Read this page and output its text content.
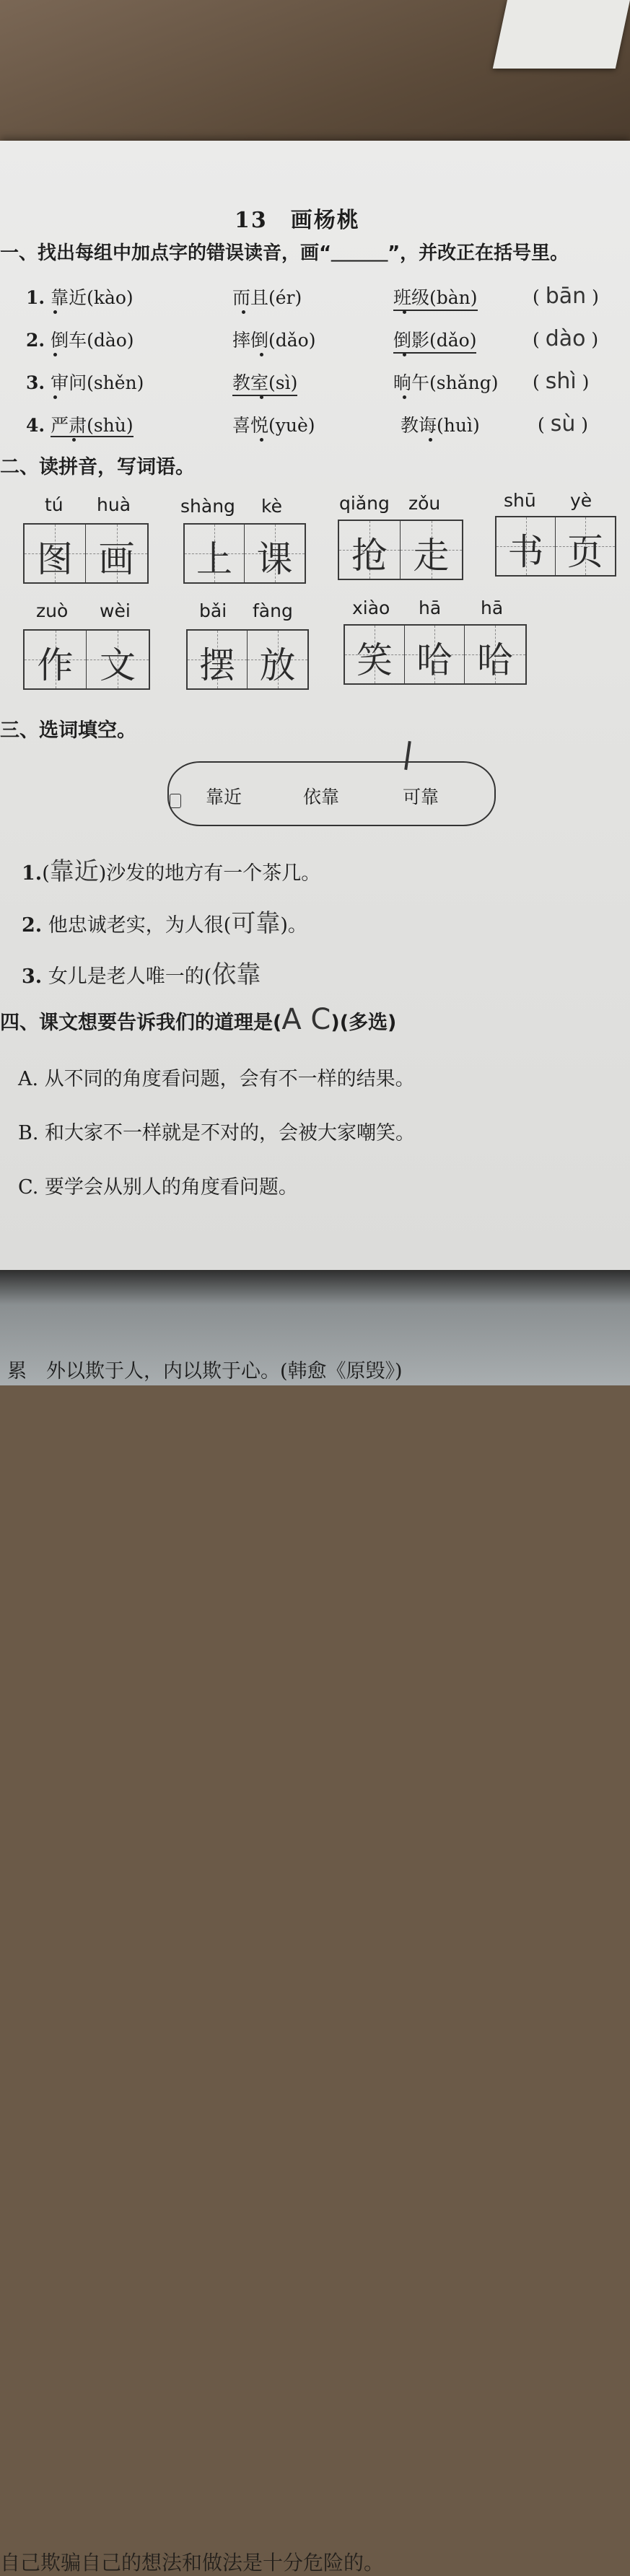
13　画杨桃
一、找出每组中加点字的错误读音，画“＿＿＿”，并改正在括号里。
1. 靠近(kào)	而且(ér)	班级(bàn)	( bān )
2. 倒车(dào)	摔倒(dǎo)	倒影(dǎo)	( dào )
3. 审问(shěn)	教室(sì)	晌午(shǎng) ( shì )
4. 严肃(shù)	喜悦(yuè)	教诲(huì)	( sù )
二、读拼音，写词语。
tú huà	shàng kè	qiǎng zǒu	shū yè
图 画	上 课	抢 走	书 页
zuò wèi	bǎi fàng	xiào hā hā
作 文	摆 放	笑 哈 哈
三、选词填空。
靠近	依靠	可靠
1.(靠近)沙发的地方有一个茶几。
2. 他忠诚老实，为人很(可靠)。
3. 女儿是老人唯一的(依靠
四、课文想要告诉我们的道理是(A C)(多选)
A. 从不同的角度看问题，会有不一样的结果。
B. 和大家不一样就是不对的，会被大家嘲笑。
C. 要学会从别人的角度看问题。
自己欺骗自己的想法和做法是十分危险的。
累　外以欺于人，内以欺于心。(韩愈《原毁》)
